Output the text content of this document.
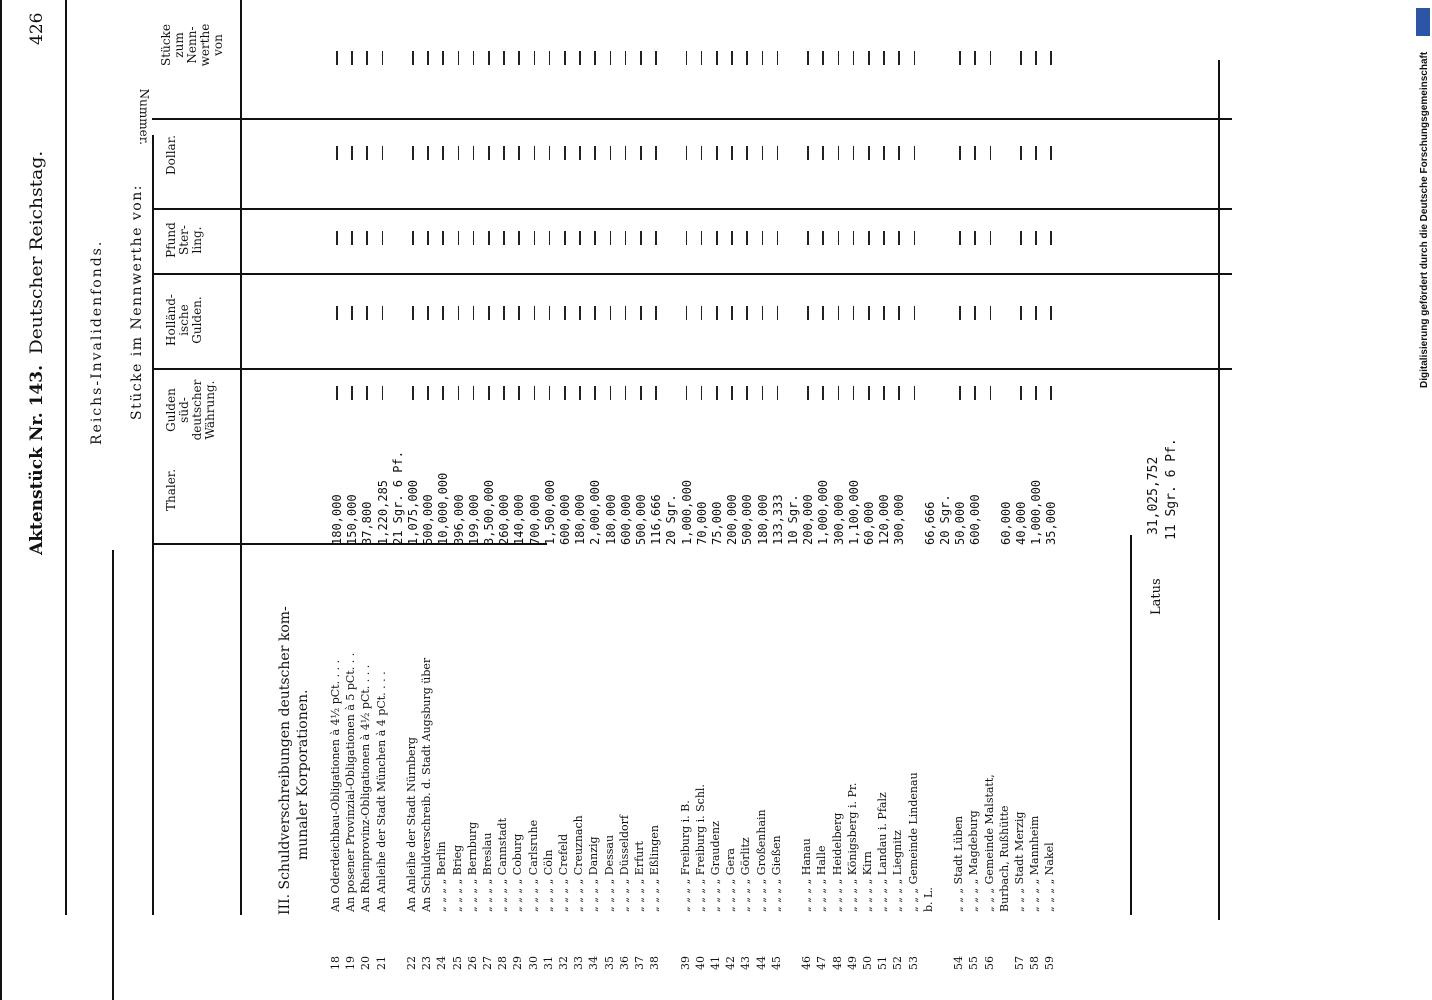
426
Deutscher Reichstag.
Aktenstück Nr. 143.
Nummer.
Reichs-Invalidenfonds. Stücke im Nennwerthe von:
Thaler.
Gulden
süd-
deutscher
Währung.
Holländ-
ische
Gulden.
Pfund
Ster-
ling.
Dollar.
Stücke
zum
Nenn-
werthe
von
III. Schuldverschreibungen deutscher kom- munaler Korporationen.
18
An Oderdeichbau-Obligationen à 4½ pCt. . . .
180,000
19
An posener Provinzial-Obligationen à 5 pCt. . .
150,000
20
An Rheinprovinz-Obligationen à 4½ pCt. . . .
37,800
21
An Anleihe der Stadt München à 4 pCt. . . .
1,220,285 21 Sgr. 6 Pf.
22
An Anleihe der Stadt Nürnberg
1,075,000
23
An Schuldverschreib. d. Stadt Augsburg über
500,000
24
„ „ „ „ Berlin
10,000,000
25
„ „ „ „ Brieg
396,000
26
„ „ „ „ Bernburg
199,000
27
„ „ „ „ Breslau
3,500,000
28
„ „ „ „ Cannstadt
260,000
29
„ „ „ „ Coburg
140,000
30
„ „ „ „ Carlsruhe
700,000
31
„ „ „ „ Cöln
1,500,000
32
„ „ „ „ Crefeld
600,000
33
„ „ „ „ Creuznach
180,000
34
„ „ „ „ Danzig
2,000,000
35
„ „ „ „ Dessau
180,000
36
„ „ „ „ Düsseldorf
600,000
37
„ „ „ „ Erfurt
500,000
38
„ „ „ „ Eßlingen
116,666 20 Sgr.
39
„ „ „ „ Freiburg i. B.
1,000,000
40
„ „ „ „ Freiburg i. Schl.
70,000
41
„ „ „ „ Graudenz
75,000
42
„ „ „ „ Gera
200,000
43
„ „ „ „ Görlitz
500,000
44
„ „ „ „ Großenhain
180,000
45
„ „ „ „ Gießen
133,333 10 Sgr.
46
„ „ „ „ Hanau
200,000
47
„ „ „ „ Halle
1,000,000
48
„ „ „ „ Heidelberg
300,000
49
„ „ „ „ Königsberg i. Pr.
1,100,000
50
„ „ „ „ Kirn
60,000
51
„ „ „ „ Landau i. Pfalz
120,000
52
„ „ „ „ Liegnitz
300,000
53
„ „ „ Gemeinde Lindenau b. L.
66,666 20 Sgr.
54
„ „ „ Stadt Lüben
50,000
55
„ „ „ „ Magdeburg
600,000
56
„ „ „ Gemeinde Malstatt, Burbach, Rußhütte
60,000
57
„ „ „ Stadt Merzig
40,000
58
„ „ „ „ Mannheim
1,000,000
59
„ „ „ „ Nakel
35,000
Latus
31,025,752 11 Sgr. 6 Pf.
Digitalisierung gefördert durch die Deutsche Forschungsgemeinschaft
